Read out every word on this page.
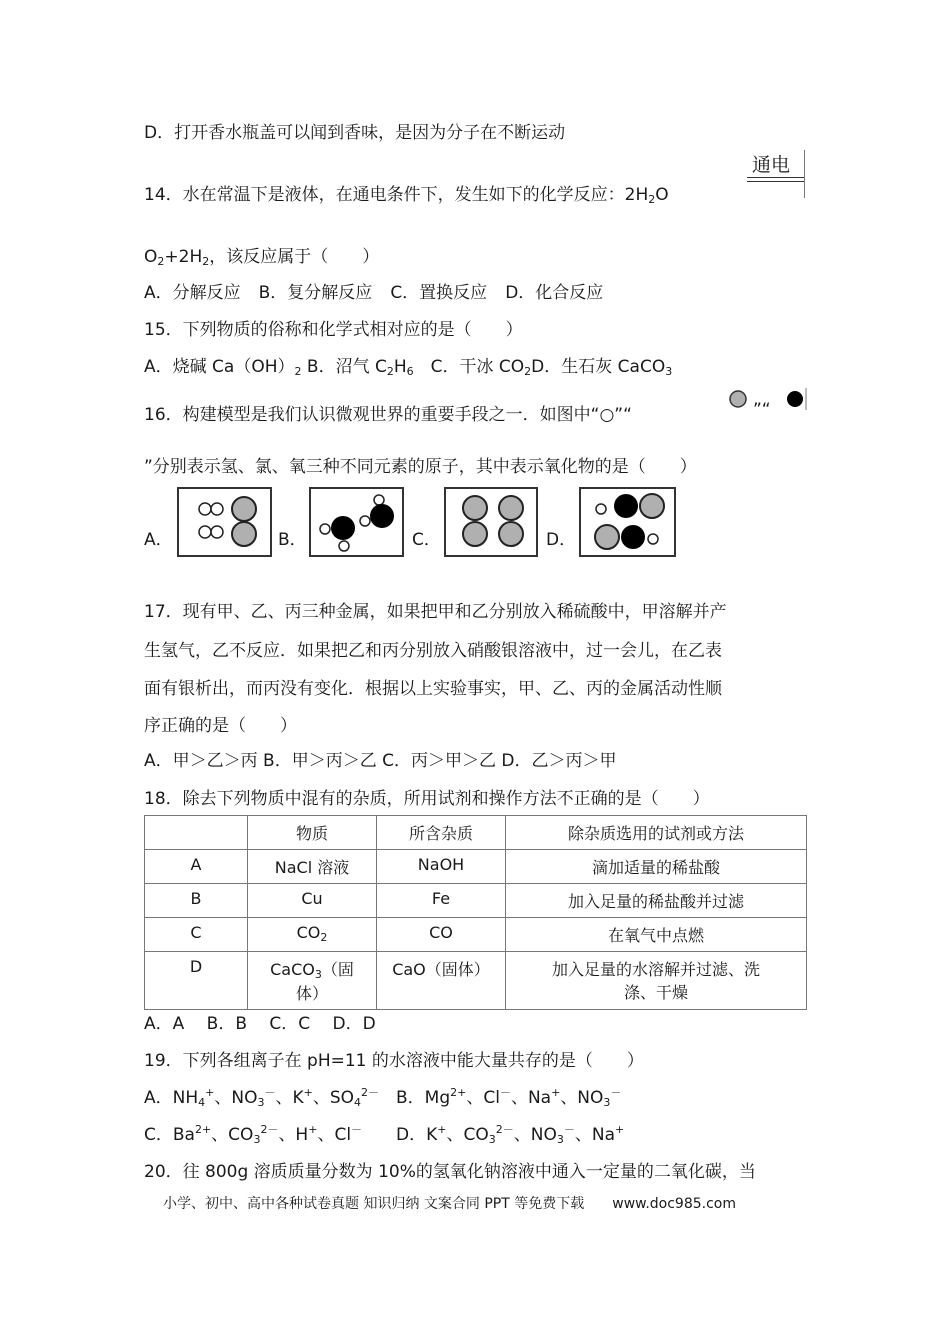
D．打开香水瓶盖可以闻到香味，是因为分子在不断运动
14．水在常温下是液体，在通电条件下，发生如下的化学反应：$2H_2O$
通电
$O_2+2H_2$，该反应属于（　　）
A．分解反应 B．复分解反应 C．置换反应 D．化合反应
15．下列物质的俗称和化学式相对应的是（　　）
A．烧碱 $Ca(OH)_2$ B．沼气 $C_2H_6$　C．干冰 $CO_2D$．生石灰 CaCO$_3$
16．构建模型是我们认识微观世界的重要手段之一．如图中“○”“	”“
”分别表示氢、氯、氧三种不同元素的原子，其中表示氧化物的是（　　）
A．	B．	C．	D．
17．现有甲、乙、丙三种金属，如果把甲和乙分别放入稀硫酸中，甲溶解并产
生氢气，乙不反应．如果把乙和丙分别放入硝酸银溶液中，过一会儿，在乙表
面有银析出，而丙没有变化．根据以上实验事实，甲、乙、丙的金属活动性顺
序正确的是（　　）
A．甲＞乙＞丙 B．甲＞丙＞乙 C．丙＞甲＞乙 D．乙＞丙＞甲
18．除去下列物质中混有的杂质，所用试剂和操作方法不正确的是（　　）
	物质	所含杂质	除杂质选用的试剂或方法
A	NaCl 溶液	NaOH	滴加适量的稀盐酸
B	Cu	Fe	加入足量的稀盐酸并过滤
C	$CO_2$	CO	在氧气中点燃
D	CaCO$_3$（固
体）	CaO（固体）	加入足量的水溶解并过滤、洗
涤、干燥
A．A　 B．B　 C．C　 D．D
19．下列各组离子在 pH=11 的水溶液中能大量共存的是（　　）
A．$NH_4^+$、$NO_3^-$、K+、$SO_4^{2-}$　B．$Mg^{2+}$、Cl－、Na+、$NO_3^-$
C．$Ba^{2+}$、$CO_3^{2-}$、H+、Cl－　　D．K+、$CO_3^{2-}$、$NO_3^-$、Na+
20．往 800g 溶质质量分数为 10%的氢氧化钠溶液中通入一定量的二氧化碳，当
小学、初中、高中各种试卷真题 知识归纳 文案合同 PPT 等免费下载 www.doc985.com
